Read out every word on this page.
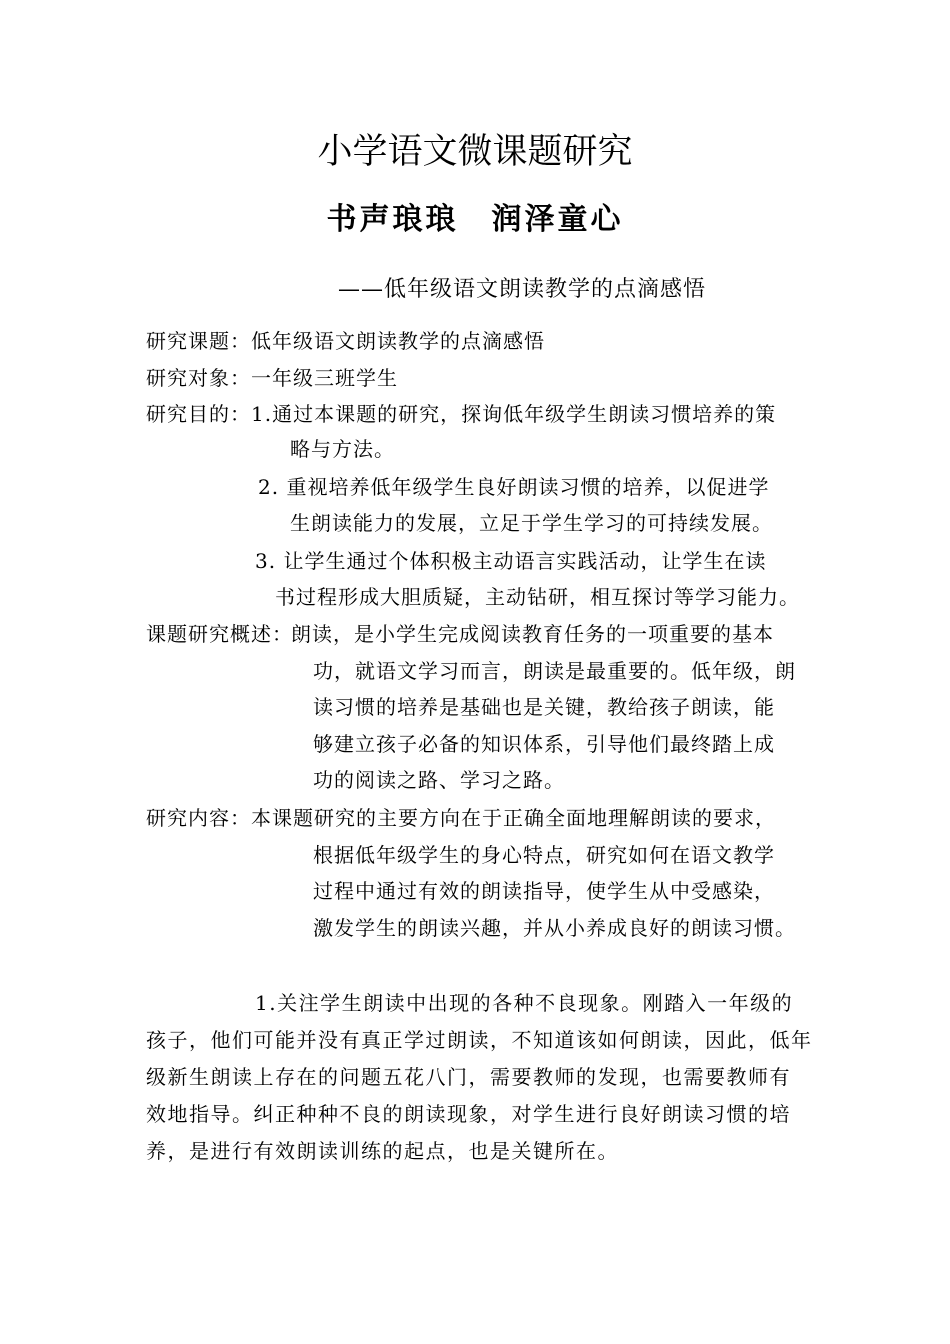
小学语文微课题研究
书声琅琅　润泽童心
——低年级语文朗读教学的点滴感悟
研究课题：低年级语文朗读教学的点滴感悟
研究对象：一年级三班学生
研究目的： 1.通过本课题的研究，探询低年级学生朗读习惯培养的策
略与方法。
2. 重视培养低年级学生良好朗读习惯的培养，以促进学
生朗读能力的发展，立足于学生学习的可持续发展。
3. 让学生通过个体积极主动语言实践活动，让学生在读
书过程形成大胆质疑，主动钻研，相互探讨等学习能力。
课题研究概述：
朗读，是小学生完成阅读教育任务的一项重要的基本
功，就语文学习而言，朗读是最重要的。低年级，朗
读习惯的培养是基础也是关键，教给孩子朗读，能
够建立孩子必备的知识体系，引导他们最终踏上成
功的阅读之路、学习之路。
研究内容： 本课题研究的主要方向在于正确全面地理解朗读的要求，
根据低年级学生的身心特点，研究如何在语文教学
过程中通过有效的朗读指导，使学生从中受感染，
激发学生的朗读兴趣，并从小养成良好的朗读习惯。
1.关注学生朗读中出现的各种不良现象。刚踏入一年级的
孩子，他们可能并没有真正学过朗读，不知道该如何朗读，因此，低年
级新生朗读上存在的问题五花八门，需要教师的发现，也需要教师有
效地指导。纠正种种不良的朗读现象，对学生进行良好朗读习惯的培
养，是进行有效朗读训练的起点，也是关键所在。
